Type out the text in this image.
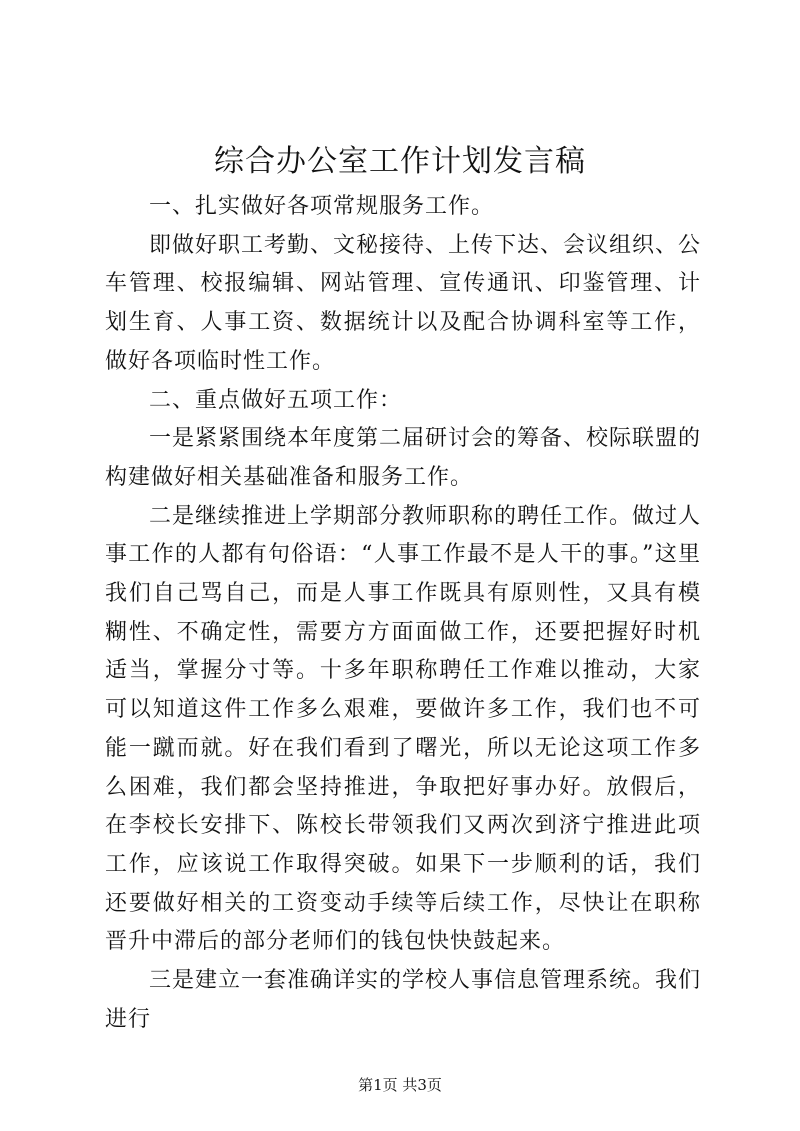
综合办公室工作计划发言稿

一、扎实做好各项常规服务工作。

即做好职工考勤、文秘接待、上传下达、会议组织、公车管理、校报编辑、网站管理、宣传通讯、印鉴管理、计划生育、人事工资、数据统计以及配合协调科室等工作，做好各项临时性工作。

二、重点做好五项工作：

一是紧紧围绕本年度第二届研讨会的筹备、校际联盟的构建做好相关基础准备和服务工作。

二是继续推进上学期部分教师职称的聘任工作。做过人事工作的人都有句俗语：“人事工作最不是人干的事。”这里我们自己骂自己，而是人事工作既具有原则性，又具有模糊性、不确定性，需要方方面面做工作，还要把握好时机适当，掌握分寸等。十多年职称聘任工作难以推动，大家可以知道这件工作多么艰难，要做许多工作，我们也不可能一蹴而就。好在我们看到了曙光，所以无论这项工作多么困难，我们都会坚持推进，争取把好事办好。放假后，在李校长安排下、陈校长带领我们又两次到济宁推进此项工作，应该说工作取得突破。如果下一步顺利的话，我们还要做好相关的工资变动手续等后续工作，尽快让在职称晋升中滞后的部分老师们的钱包快快鼓起来。

三是建立一套准确详实的学校人事信息管理系统。我们进行

第1页 共3页
